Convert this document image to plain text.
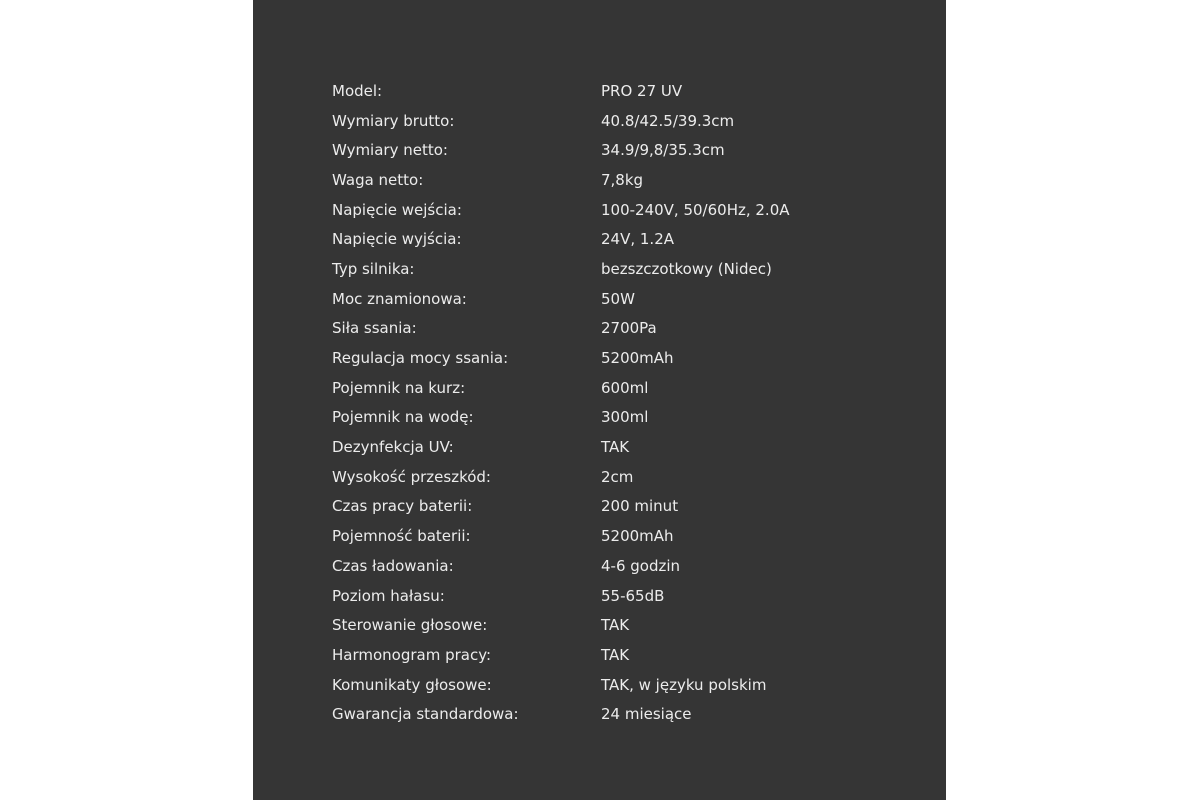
Model:	PRO 27 UV
Wymiary brutto:	40.8/42.5/39.3cm
Wymiary netto:	34.9/9,8/35.3cm
Waga netto:	7,8kg
Napięcie wejścia:	100-240V, 50/60Hz, 2.0A
Napięcie wyjścia:	24V, 1.2A
Typ silnika:	bezszczotkowy (Nidec)
Moc znamionowa:	50W
Siła ssania:	2700Pa
Regulacja mocy ssania:	5200mAh
Pojemnik na kurz:	600ml
Pojemnik na wodę:	300ml
Dezynfekcja UV:	TAK
Wysokość przeszkód:	2cm
Czas pracy baterii:	200 minut
Pojemność baterii:	5200mAh
Czas ładowania:	4-6 godzin
Poziom hałasu:	55-65dB
Sterowanie głosowe:	TAK
Harmonogram pracy:	TAK
Komunikaty głosowe:	TAK, w języku polskim
Gwarancja standardowa:	24 miesiące
